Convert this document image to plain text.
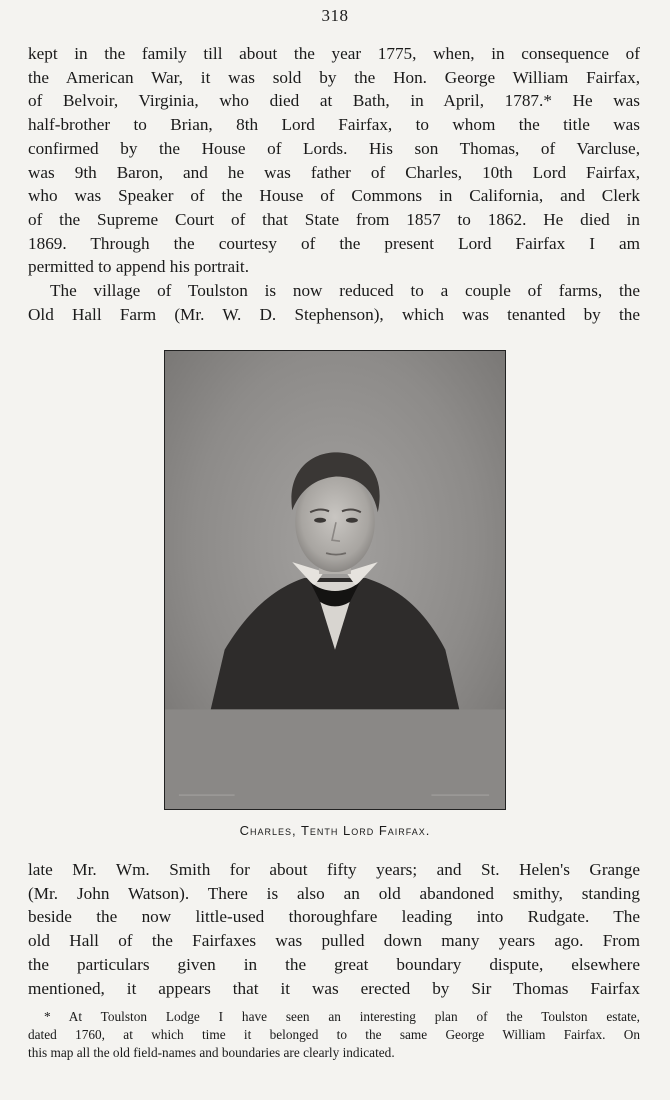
318
kept in the family till about the year 1775, when, in consequence of
the American War, it was sold by the Hon. George William Fairfax,
of Belvoir, Virginia, who died at Bath, in April, 1787.* He was
half-brother to Brian, 8th Lord Fairfax, to whom the title was
confirmed by the House of Lords. His son Thomas, of Varcluse,
was 9th Baron, and he was father of Charles, 10th Lord Fairfax,
who was Speaker of the House of Commons in California, and Clerk
of the Supreme Court of that State from 1857 to 1862. He died in
1869. Through the courtesy of the present Lord Fairfax I am
permitted to append his portrait.
The village of Toulston is now reduced to a couple of farms, the
Old Hall Farm (Mr. W. D. Stephenson), which was tenanted by the
Charles, Tenth Lord Fairfax.
late Mr. Wm. Smith for about fifty years; and St. Helen's Grange
(Mr. John Watson). There is also an old abandoned smithy, standing
beside the now little-used thoroughfare leading into Rudgate. The
old Hall of the Fairfaxes was pulled down many years ago. From
the particulars given in the great boundary dispute, elsewhere
mentioned, it appears that it was erected by Sir Thomas Fairfax
* At Toulston Lodge I have seen an interesting plan of the Toulston estate,
dated 1760, at which time it belonged to the same George William Fairfax. On
this map all the old field-names and boundaries are clearly indicated.
